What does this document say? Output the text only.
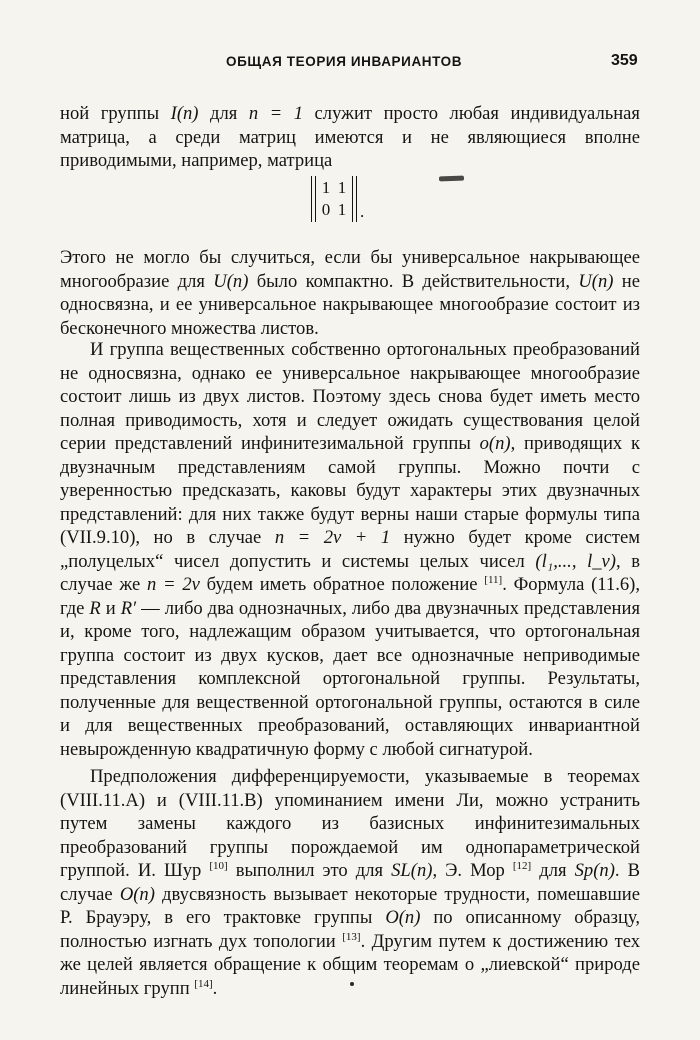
ОБЩАЯ ТЕОРИЯ ИНВАРИАНТОВ	359

ной группы I(n) для n = 1 служит просто любая индивидуальная матрица, а среди матриц имеются и не являющиеся вполне приводимыми, например, матрица

1 1
0 1 .

Этого не могло бы случиться, если бы универсальное накрывающее многообразие для U(n) было компактно. В действительности, U(n) не односвязна, и ее универсальное накрывающее многообразие состоит из бесконечного множества листов.

И группа вещественных собственно ортогональных преобразований не односвязна, однако ее универсальное накрывающее многообразие состоит лишь из двух листов. Поэтому здесь снова будет иметь место полная приводимость, хотя и следует ожидать существования целой серии представлений инфинитезимальной группы o(n), приводящих к двузначным представлениям самой группы. Можно почти с уверенностью предсказать, каковы будут характеры этих двузначных представлений: для них также будут верны наши старые формулы типа (VII.9.10), но в случае n = 2ν + 1 нужно будет кроме систем „полуцелых“ чисел допустить и системы целых чисел (l₁,..., l_ν), в случае же n = 2ν будем иметь обратное положение [11]. Формула (11.6), где R и R′ — либо два однозначных, либо два двузначных представления и, кроме того, надлежащим образом учитывается, что ортогональная группа состоит из двух кусков, дает все однозначные неприводимые представления комплексной ортогональной группы. Результаты, полученные для вещественной ортогональной группы, остаются в силе и для вещественных преобразований, оставляющих инвариантной невырожденную квадратичную форму с любой сигнатурой.

Предположения дифференцируемости, указываемые в теоремах (VIII.11.A) и (VIII.11.B) упоминанием имени Ли, можно устранить путем замены каждого из базисных инфинитезимальных преобразований группы порождаемой им однопараметрической группой. И. Шур [10] выполнил это для SL(n), Э. Мор [12] для Sp(n). В случае O(n) двусвязность вызывает некоторые трудности, помешавшие Р. Брауэру, в его трактовке группы O(n) по описанному образцу, полностью изгнать дух топологии [13]. Другим путем к достижению тех же целей является обращение к общим теоремам о „лиевской“ природе линейных групп [14].
